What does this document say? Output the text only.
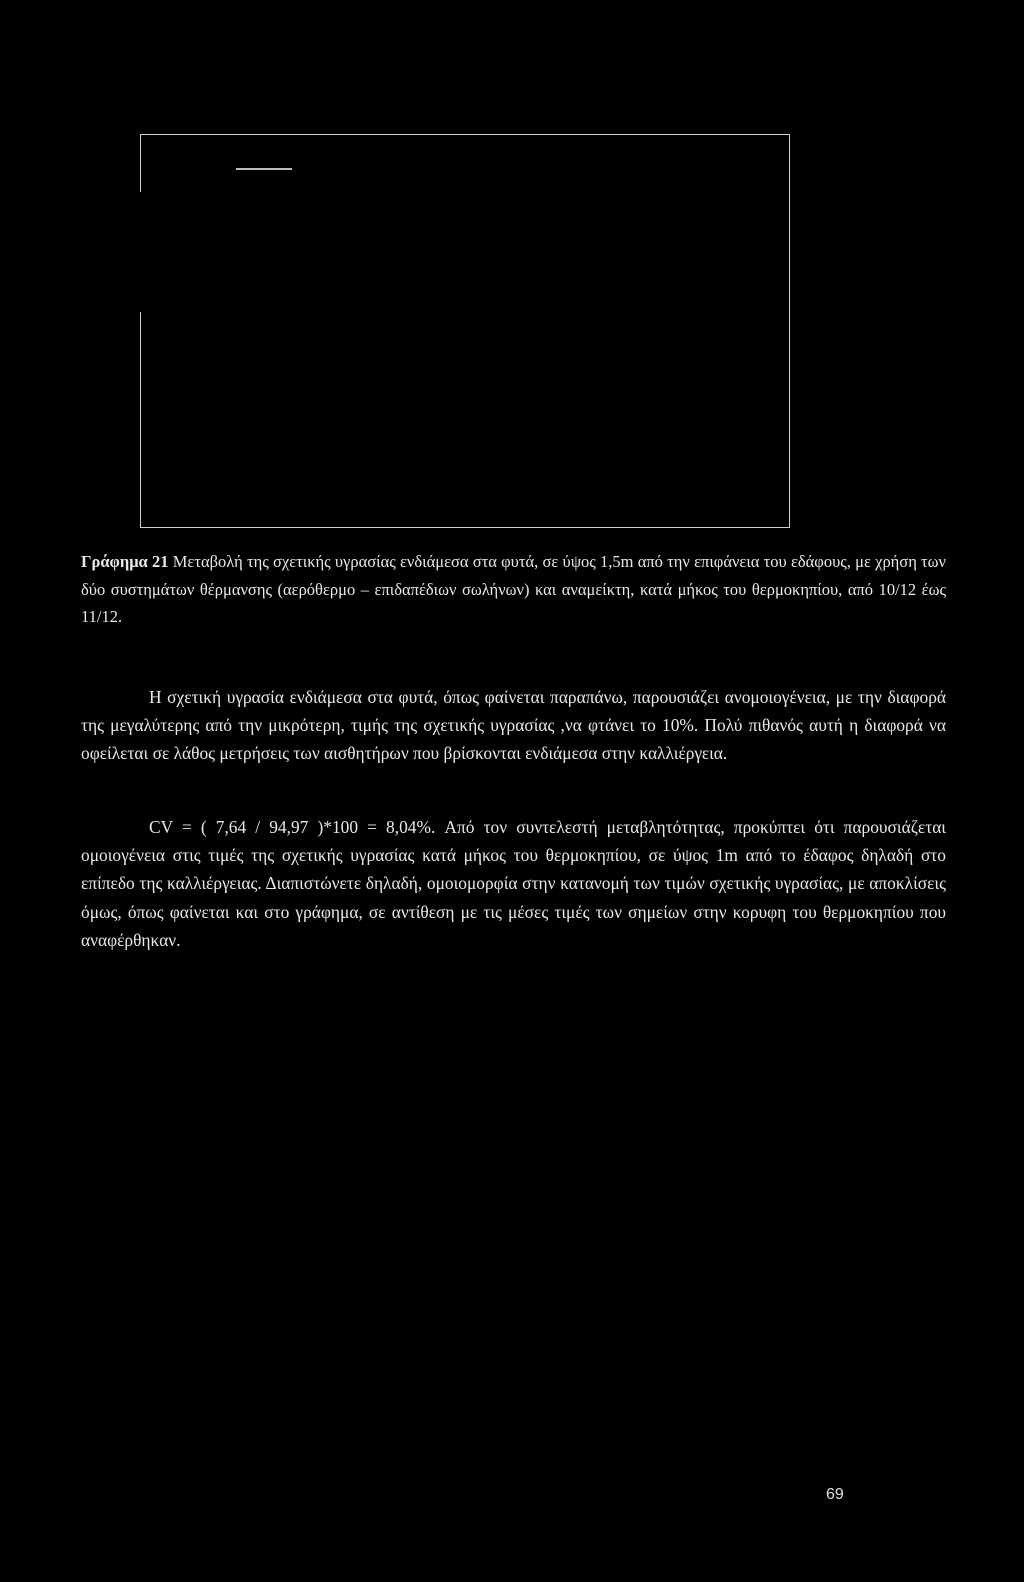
Γράφημα 21 Μεταβολή της σχετικής υγρασίας ενδιάμεσα στα φυτά, σε ύψος 1,5m από την επιφάνεια του εδάφους, με χρήση των δύο συστημάτων θέρμανσης (αερόθερμο – επιδαπέδιων σωλήνων) και αναμείκτη, κατά μήκος του θερμοκηπίου, από 10/12 έως 11/12.

Η σχετική υγρασία ενδιάμεσα στα φυτά, όπως φαίνεται παραπάνω, παρουσιάζει ανομοιογένεια, με την διαφορά της μεγαλύτερης από την μικρότερη, τιμής της σχετικής υγρασίας ,να φτάνει το 10%. Πολύ πιθανός αυτή η διαφορά να οφείλεται σε λάθος μετρήσεις των αισθητήρων που βρίσκονται ενδιάμεσα στην καλλιέργεια.

CV = ( 7,64 / 94,97 )*100 = 8,04%. Από τον συντελεστή μεταβλητότητας, προκύπτει ότι παρουσιάζεται ομοιογένεια στις τιμές της σχετικής υγρασίας κατά μήκος του θερμοκηπίου, σε ύψος 1m από το έδαφος δηλαδή στο επίπεδο της καλλιέργειας. Διαπιστώνετε δηλαδή, ομοιομορφία στην κατανομή των τιμών σχετικής υγρασίας, με αποκλίσεις όμως, όπως φαίνεται και στο γράφημα, σε αντίθεση με τις μέσες τιμές των σημείων στην κορυφη του θερμοκηπίου που αναφέρθηκαν.

69
